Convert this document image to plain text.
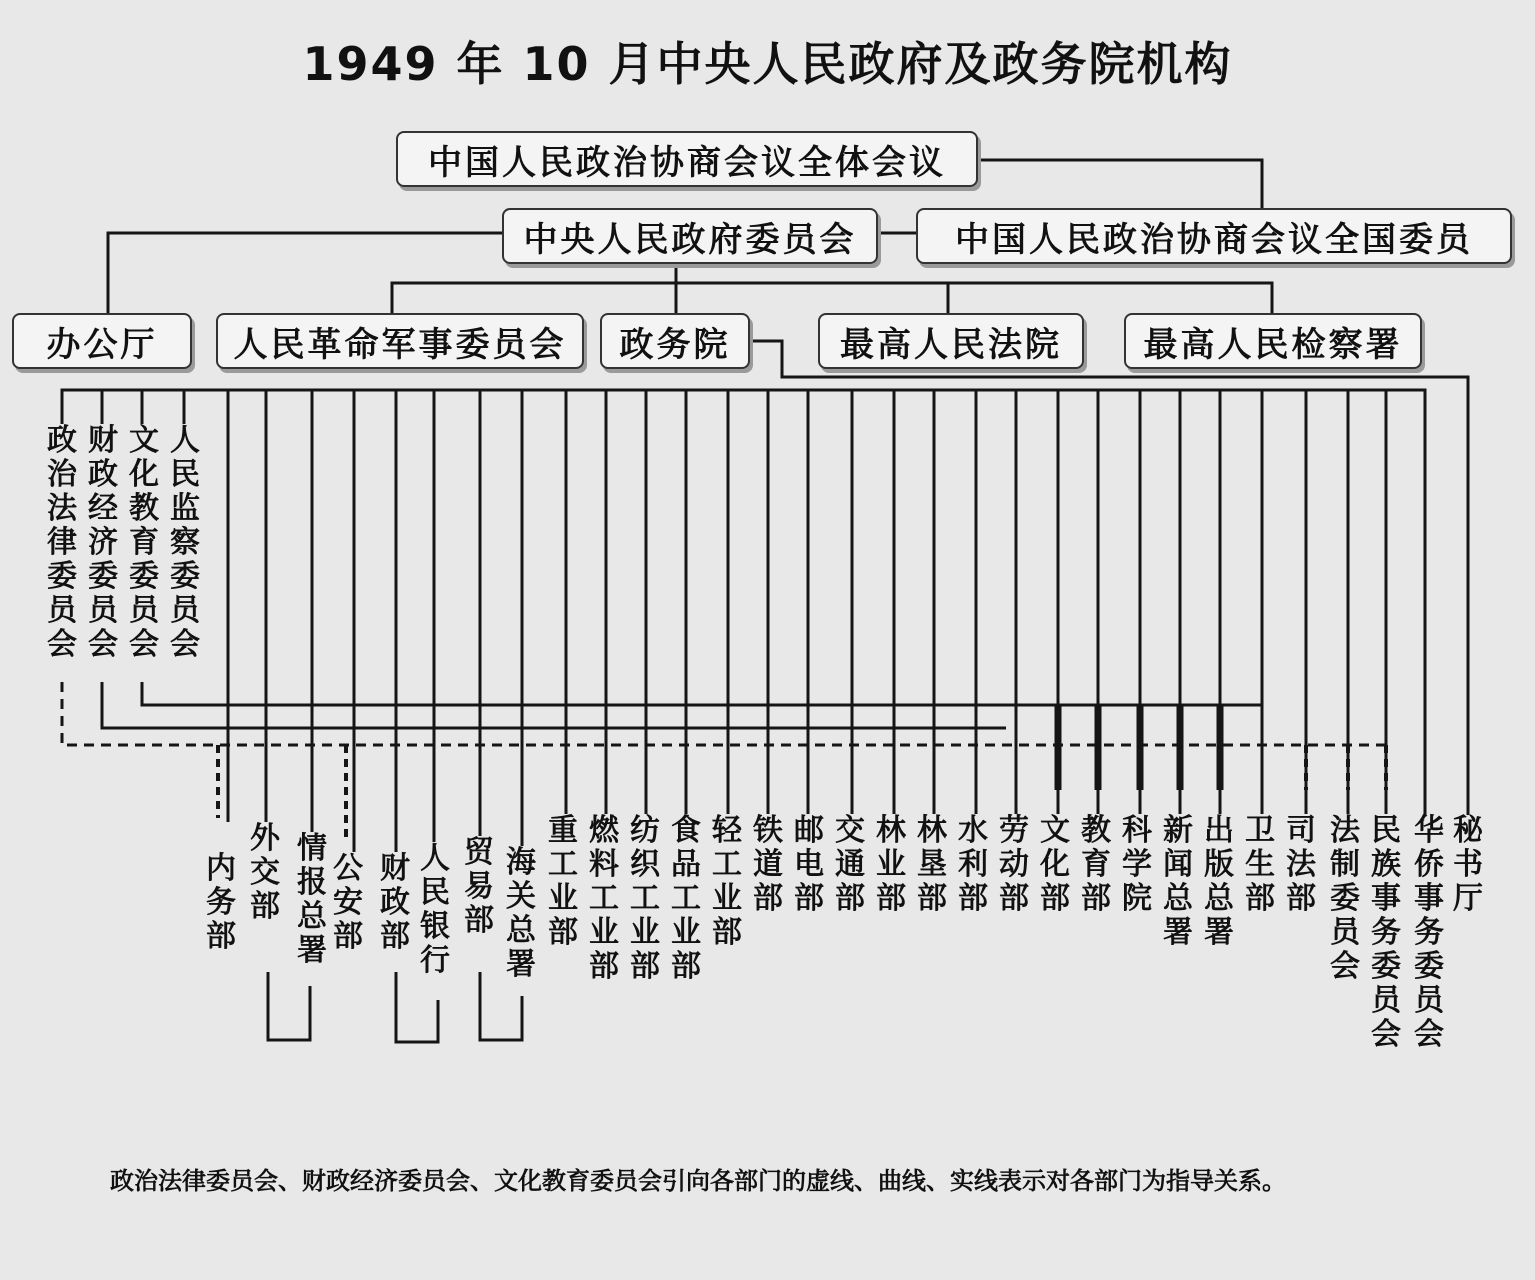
1949 年 10 月中央人民政府及政务院机构
中国人民政治协商会议全体会议
中央人民政府委员会	中国人民政治协商会议全国委员
办公厅	人民革命军事委员会	政务院	最高人民法院	最高人民检察署
政治法律委员会
财政经济委员会
文化教育委员会
人民监察委员会
内务部
外交部
情报总署
公安部
财政部
人民银行
贸易部
海关总署
重工业部
燃料工业部
纺织工业部
食品工业部
轻工业部
铁道部
邮电部
交通部
林业部
林垦部
水利部
劳动部
文化部
教育部
科学院
新闻总署
出版总署
卫生部
司法部
法制委员会
民族事务委员会
华侨事务委员会
秘书厅
政治法律委员会、财政经济委员会、文化教育委员会引向各部门的虚线、曲线、实线表示对各部门为指导关系。
